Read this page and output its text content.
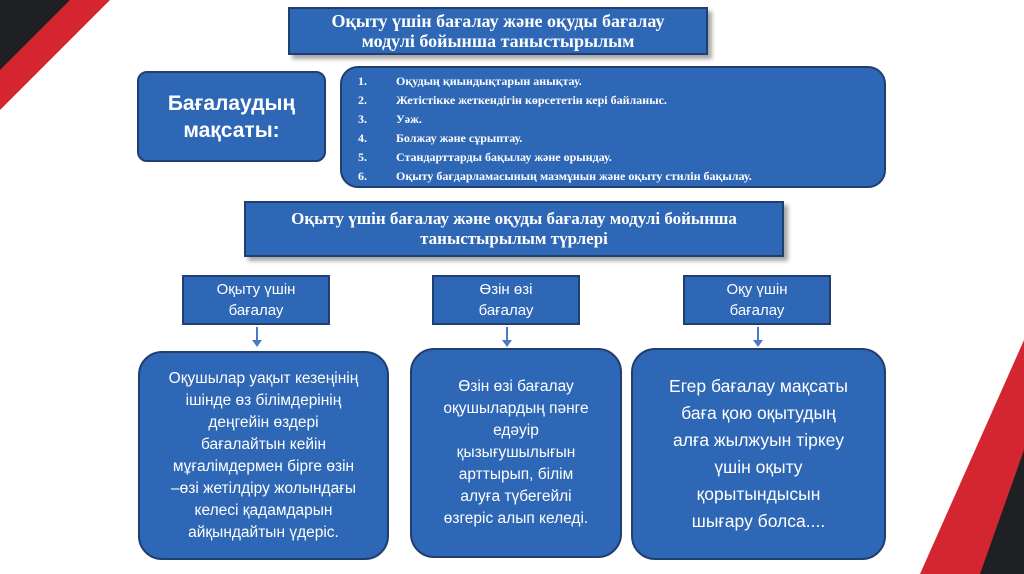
Оқыту үшін бағалау және оқуды бағалау
модулі бойынша таныстырылым
Бағалаудың
мақсаты:
1.	Оқудың қиындықтарын анықтау.
2.	Жетістікке жеткендігін көрсететін кері байланыс.
3.	Уәж.
4.	Болжау және сұрыптау.
5.	Стандарттарды бақылау және орындау.
6.	Оқыту бағдарламасының мазмұнын және оқыту стилін бақылау.
Оқыту үшін бағалау және оқуды бағалау модулі бойынша
таныстырылым түрлері
Оқыту үшін
бағалау
Өзін өзі
бағалау
Оқу үшін
бағалау
Оқушылар уақыт кезеңінің
ішінде өз білімдерінің
деңгейін өздері
бағалайтын кейін
мұғалімдермен бірге өзін
–өзі жетілдіру жолындағы
келесі қадамдарын
айқындайтын үдеріс.
Өзін өзі бағалау
оқушылардың пәнге
едәуір
қызығушылығын
арттырып, білім
алуға түбегейлі
өзгеріс алып келеді.
Егер бағалау мақсаты
баға қою оқытудың
алға жылжуын тіркеу
үшін оқыту
қорытындысын
шығару болса....
